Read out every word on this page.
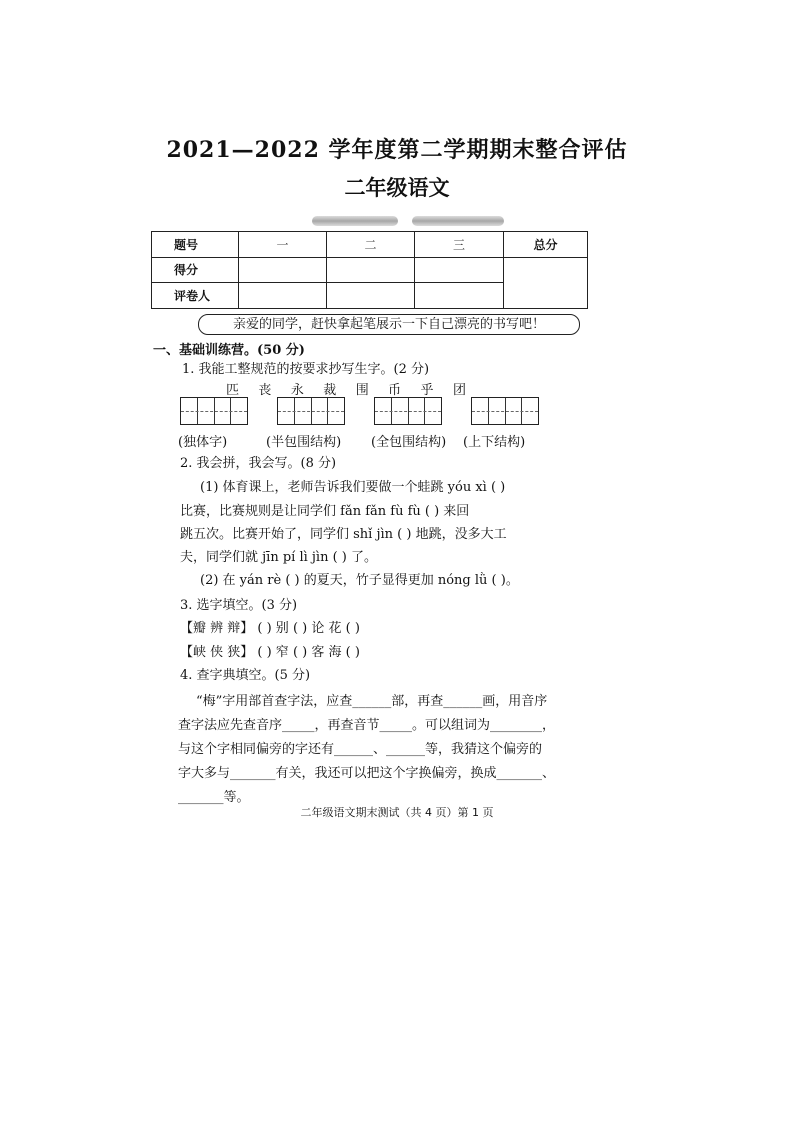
2021—2022 学年度第二学期期末整合评估
二年级语文
题号	一	二	三	总分
得分				
评卷人				
亲爱的同学，赶快拿起笔展示一下自己漂亮的书写吧！
一、基础训练营。(50 分)
1. 我能工整规范的按要求抄写生字。(2 分)
匹 丧 永 裁 围 币 乎 团
(独体字)	(半包围结构) (全包围结构) (上下结构)
2. 我会拼，我会写。(8 分)
(1) 体育课上，老师告诉我们要做一个蛙跳 yóu xì ( )
比赛，比赛规则是让同学们 fǎn fǎn fù fù ( ) 来回
跳五次。比赛开始了，同学们 shǐ jìn ( ) 地跳，没多大工
夫，同学们就 jīn pí lì jìn ( ) 了。
(2) 在 yán rè ( ) 的夏天，竹子显得更加 nóng lǜ ( )。
3. 选字填空。(3 分)
【瓣 辨 辩】 ( ) 别 ( ) 论 花 ( )
【峡 侠 狭】 ( ) 窄 ( ) 客 海 ( )
4. 查字典填空。(5 分)
“梅”字用部首查字法，应查______部，再查______画，用音序
查字法应先查音序_____，再查音节_____。可以组词为________，
与这个字相同偏旁的字还有______、______等，我猜这个偏旁的
字大多与_______有关，我还可以把这个字换偏旁，换成_______、
_______等。
二年级语文期末测试（共 4 页）第 1 页
